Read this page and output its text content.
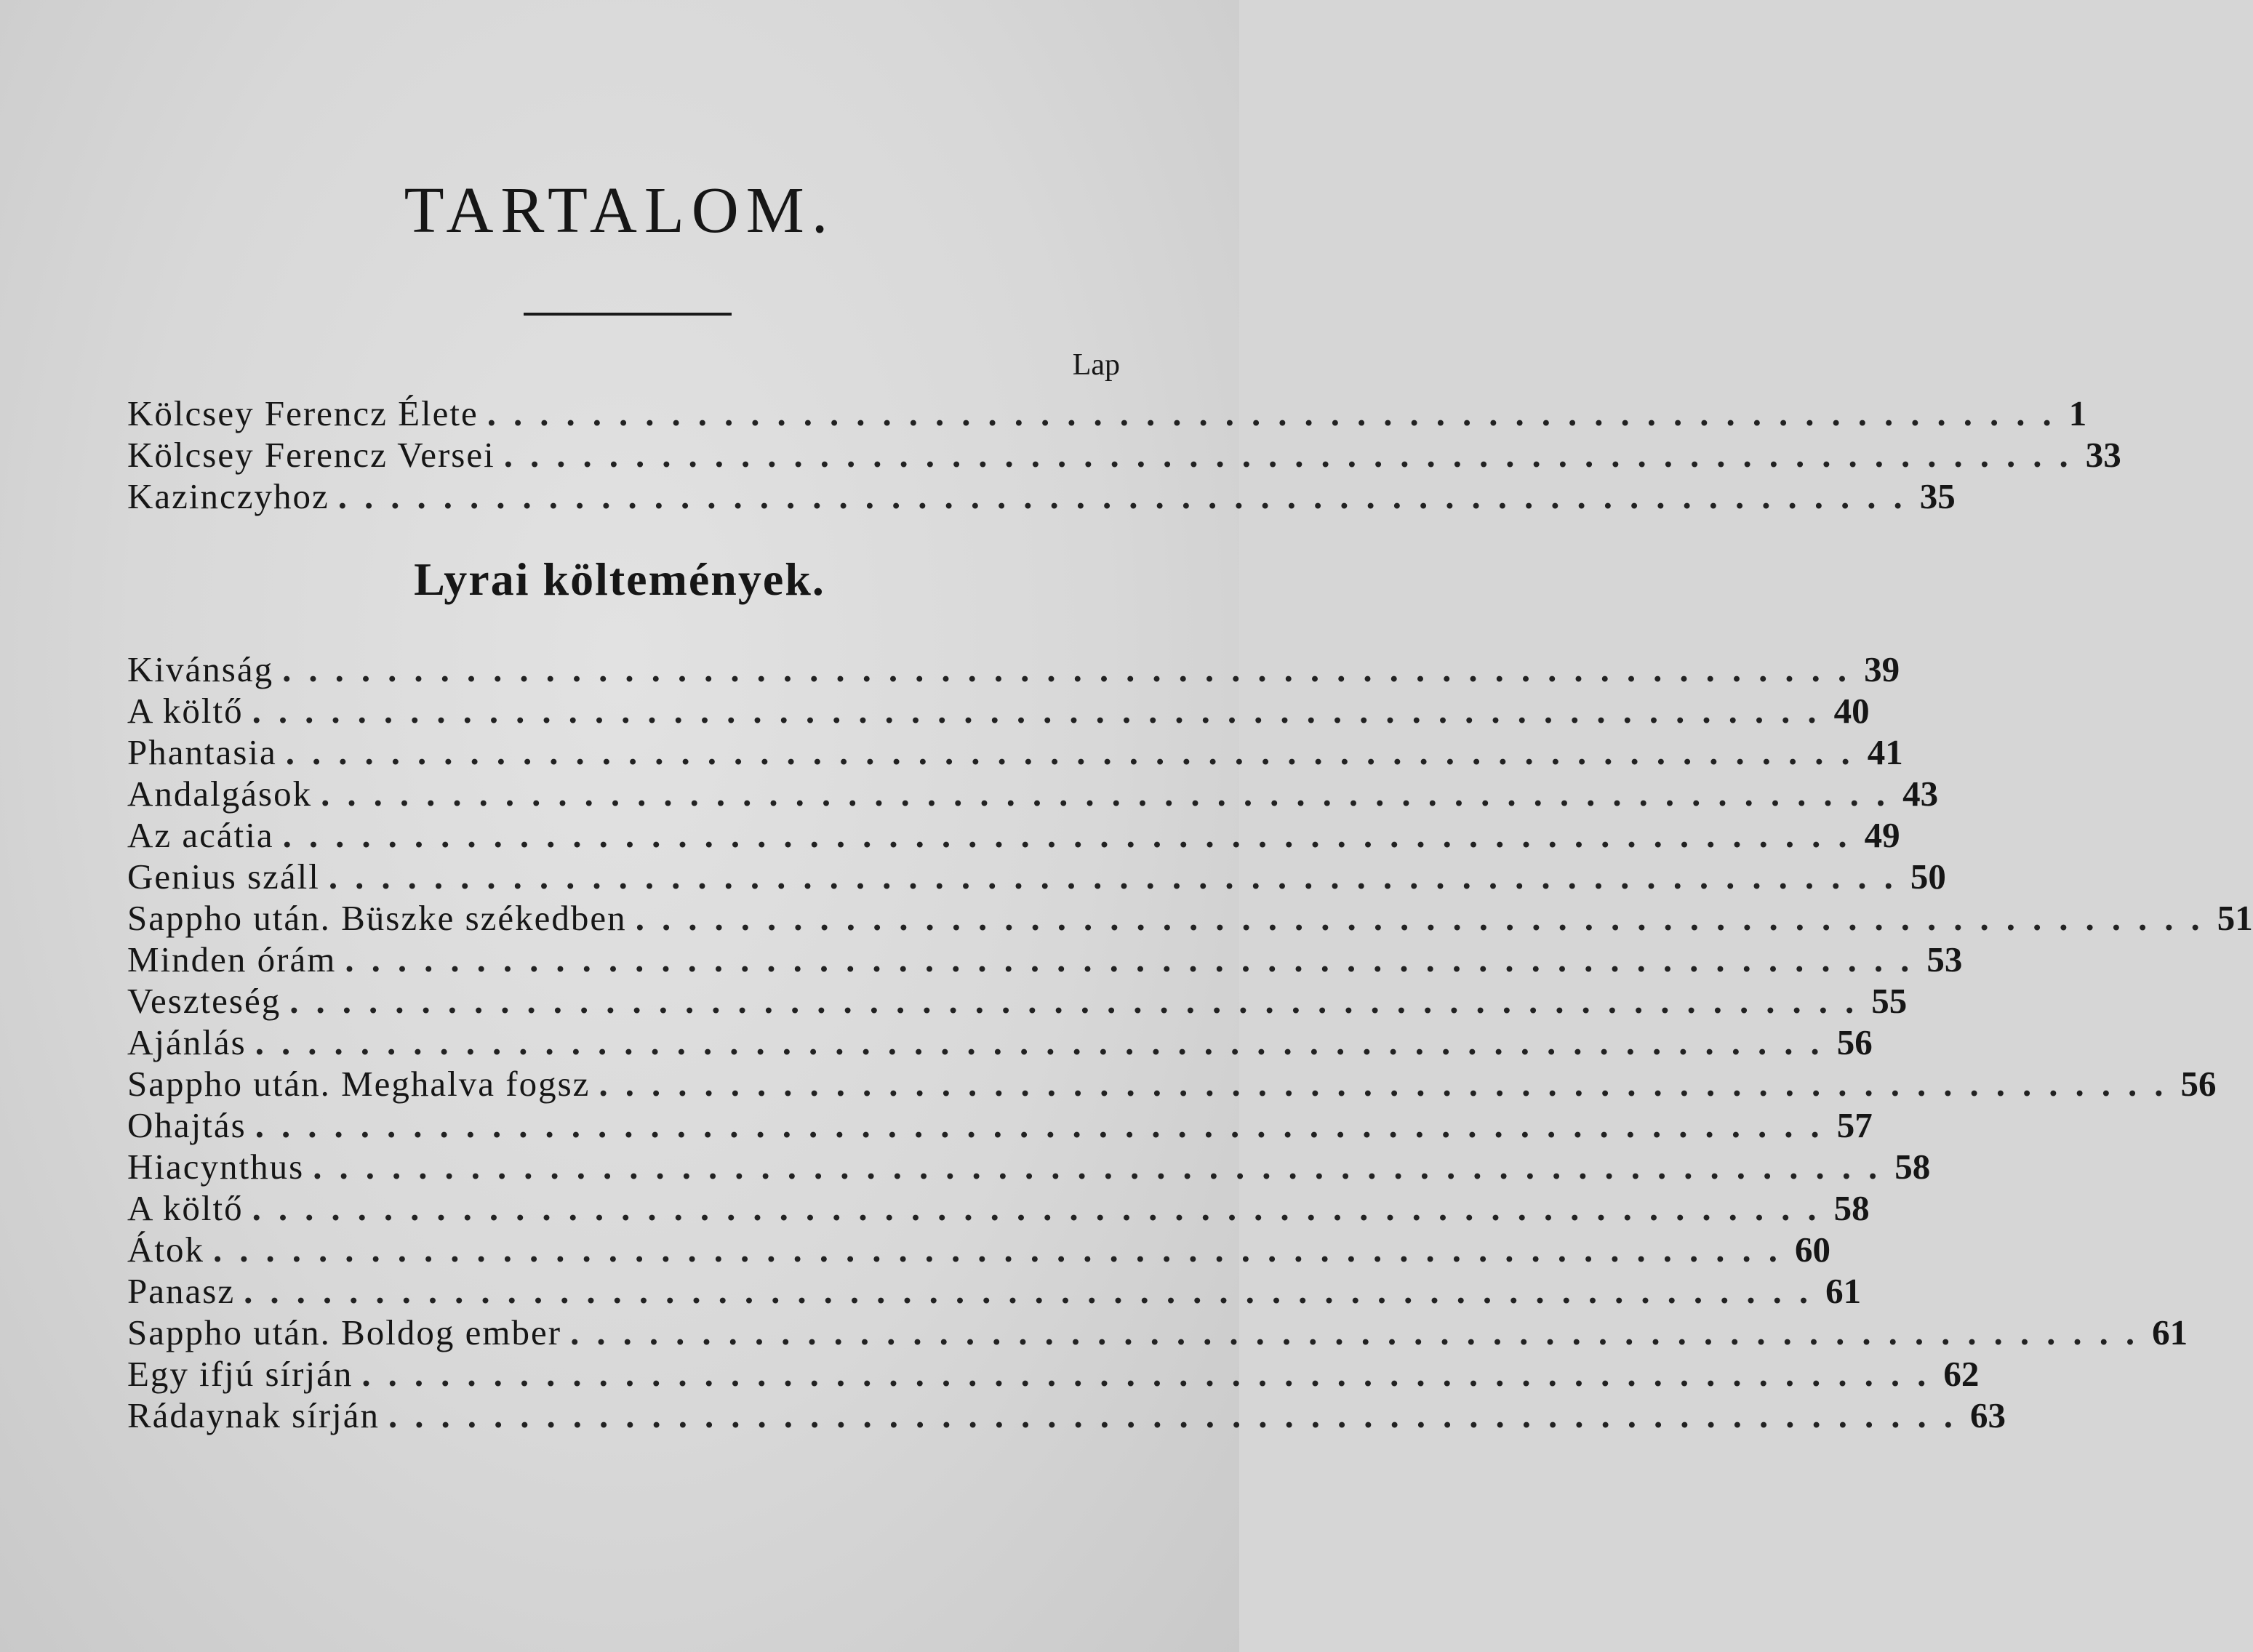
TARTALOM.
Lap
Kölcsey Ferencz Élete ............................................................ 1
Kölcsey Ferencz Versei ............................................................ 33
Kazinczyhoz ............................................................ 35
Lyrai költemények.
Kivánság ............................................................ 39
A költő ............................................................ 40
Phantasia ............................................................ 41
Andalgások ............................................................ 43
Az acátia ............................................................ 49
Genius száll ............................................................ 50
Sappho után. Büszke székedben ............................................................ 51
Minden órám ............................................................ 53
Veszteség ............................................................ 55
Ajánlás ............................................................ 56
Sappho után. Meghalva fogsz ............................................................ 56
Ohajtás ............................................................ 57
Hiacynthus ............................................................ 58
A költő ............................................................ 58
Átok ............................................................ 60
Panasz ............................................................ 61
Sappho után. Boldog ember ............................................................ 61
Egy ifjú sírján ............................................................ 62
Rádaynak sírján ............................................................ 63
